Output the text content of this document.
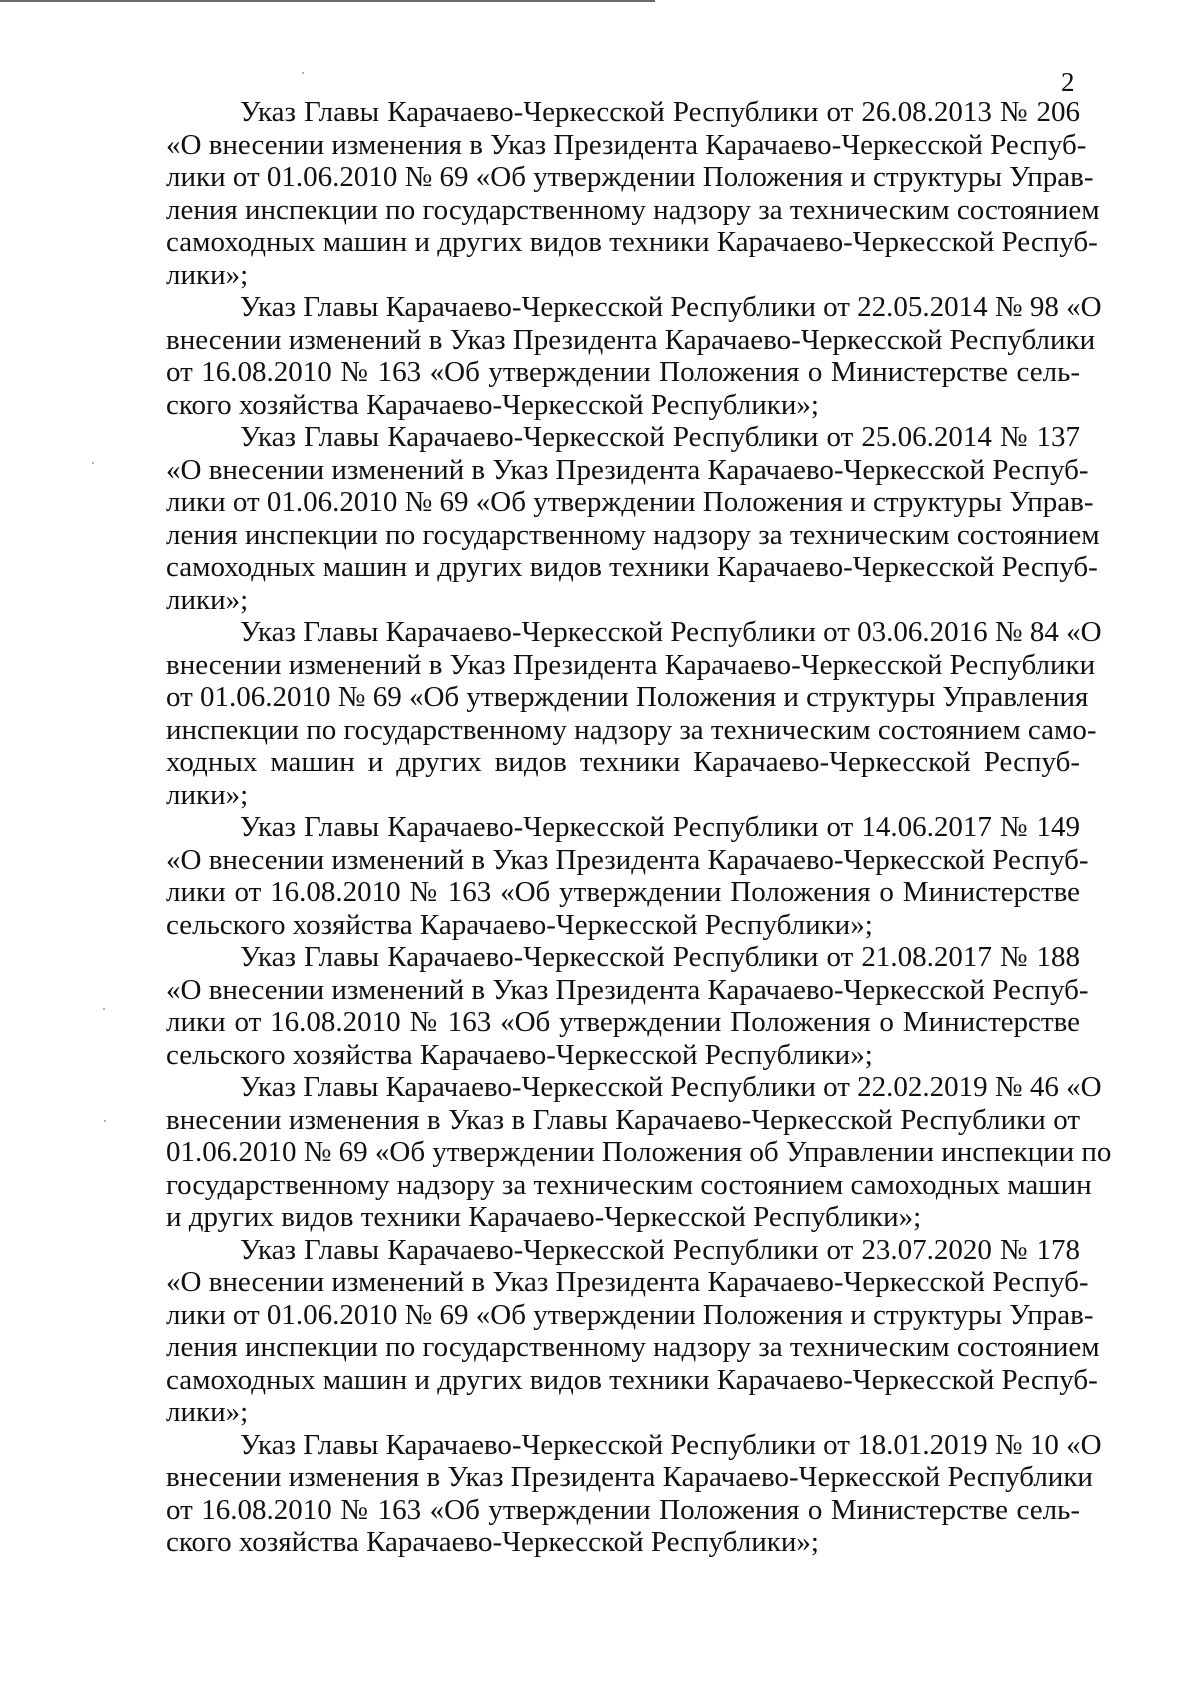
2

Указ Главы Карачаево-Черкесской Республики от 26.08.2013 № 206
«О внесении изменения в Указ Президента Карачаево-Черкесской Респуб-
лики от 01.06.2010 № 69 «Об утверждении Положения и структуры Управ-
ления инспекции по государственному надзору за техническим состоянием
самоходных машин и других видов техники Карачаево-Черкесской Респуб-
лики»;

Указ Главы Карачаево-Черкесской Республики от 22.05.2014 № 98 «О
внесении изменений в Указ Президента Карачаево-Черкесской Республики
от 16.08.2010 № 163 «Об утверждении Положения о Министерстве сель-
ского хозяйства Карачаево-Черкесской Республики»;

Указ Главы Карачаево-Черкесской Республики от 25.06.2014 № 137
«О внесении изменений в Указ Президента Карачаево-Черкесской Респуб-
лики от 01.06.2010 № 69 «Об утверждении Положения и структуры Управ-
ления инспекции по государственному надзору за техническим состоянием
самоходных машин и других видов техники Карачаево-Черкесской Респуб-
лики»;

Указ Главы Карачаево-Черкесской Республики от 03.06.2016 № 84 «О
внесении изменений в Указ Президента Карачаево-Черкесской Республики
от 01.06.2010 № 69 «Об утверждении Положения и структуры Управления
инспекции по государственному надзору за техническим состоянием само-
ходных машин и других видов техники Карачаево-Черкесской Респуб-
лики»;

Указ Главы Карачаево-Черкесской Республики от 14.06.2017 № 149
«О внесении изменений в Указ Президента Карачаево-Черкесской Респуб-
лики от 16.08.2010 № 163 «Об утверждении Положения о Министерстве
сельского хозяйства Карачаево-Черкесской Республики»;

Указ Главы Карачаево-Черкесской Республики от 21.08.2017 № 188
«О внесении изменений в Указ Президента Карачаево-Черкесской Респуб-
лики от 16.08.2010 № 163 «Об утверждении Положения о Министерстве
сельского хозяйства Карачаево-Черкесской Республики»;

Указ Главы Карачаево-Черкесской Республики от 22.02.2019 № 46 «О
внесении изменения в Указ в Главы Карачаево-Черкесской Республики от
01.06.2010 № 69 «Об утверждении Положения об Управлении инспекции по
государственному надзору за техническим состоянием самоходных машин
и других видов техники Карачаево-Черкесской Республики»;

Указ Главы Карачаево-Черкесской Республики от 23.07.2020 № 178
«О внесении изменений в Указ Президента Карачаево-Черкесской Респуб-
лики от 01.06.2010 № 69 «Об утверждении Положения и структуры Управ-
ления инспекции по государственному надзору за техническим состоянием
самоходных машин и других видов техники Карачаево-Черкесской Респуб-
лики»;

Указ Главы Карачаево-Черкесской Республики от 18.01.2019 № 10 «О
внесении изменения в Указ Президента Карачаево-Черкесской Республики
от 16.08.2010 № 163 «Об утверждении Положения о Министерстве сель-
ского хозяйства Карачаево-Черкесской Республики»;
